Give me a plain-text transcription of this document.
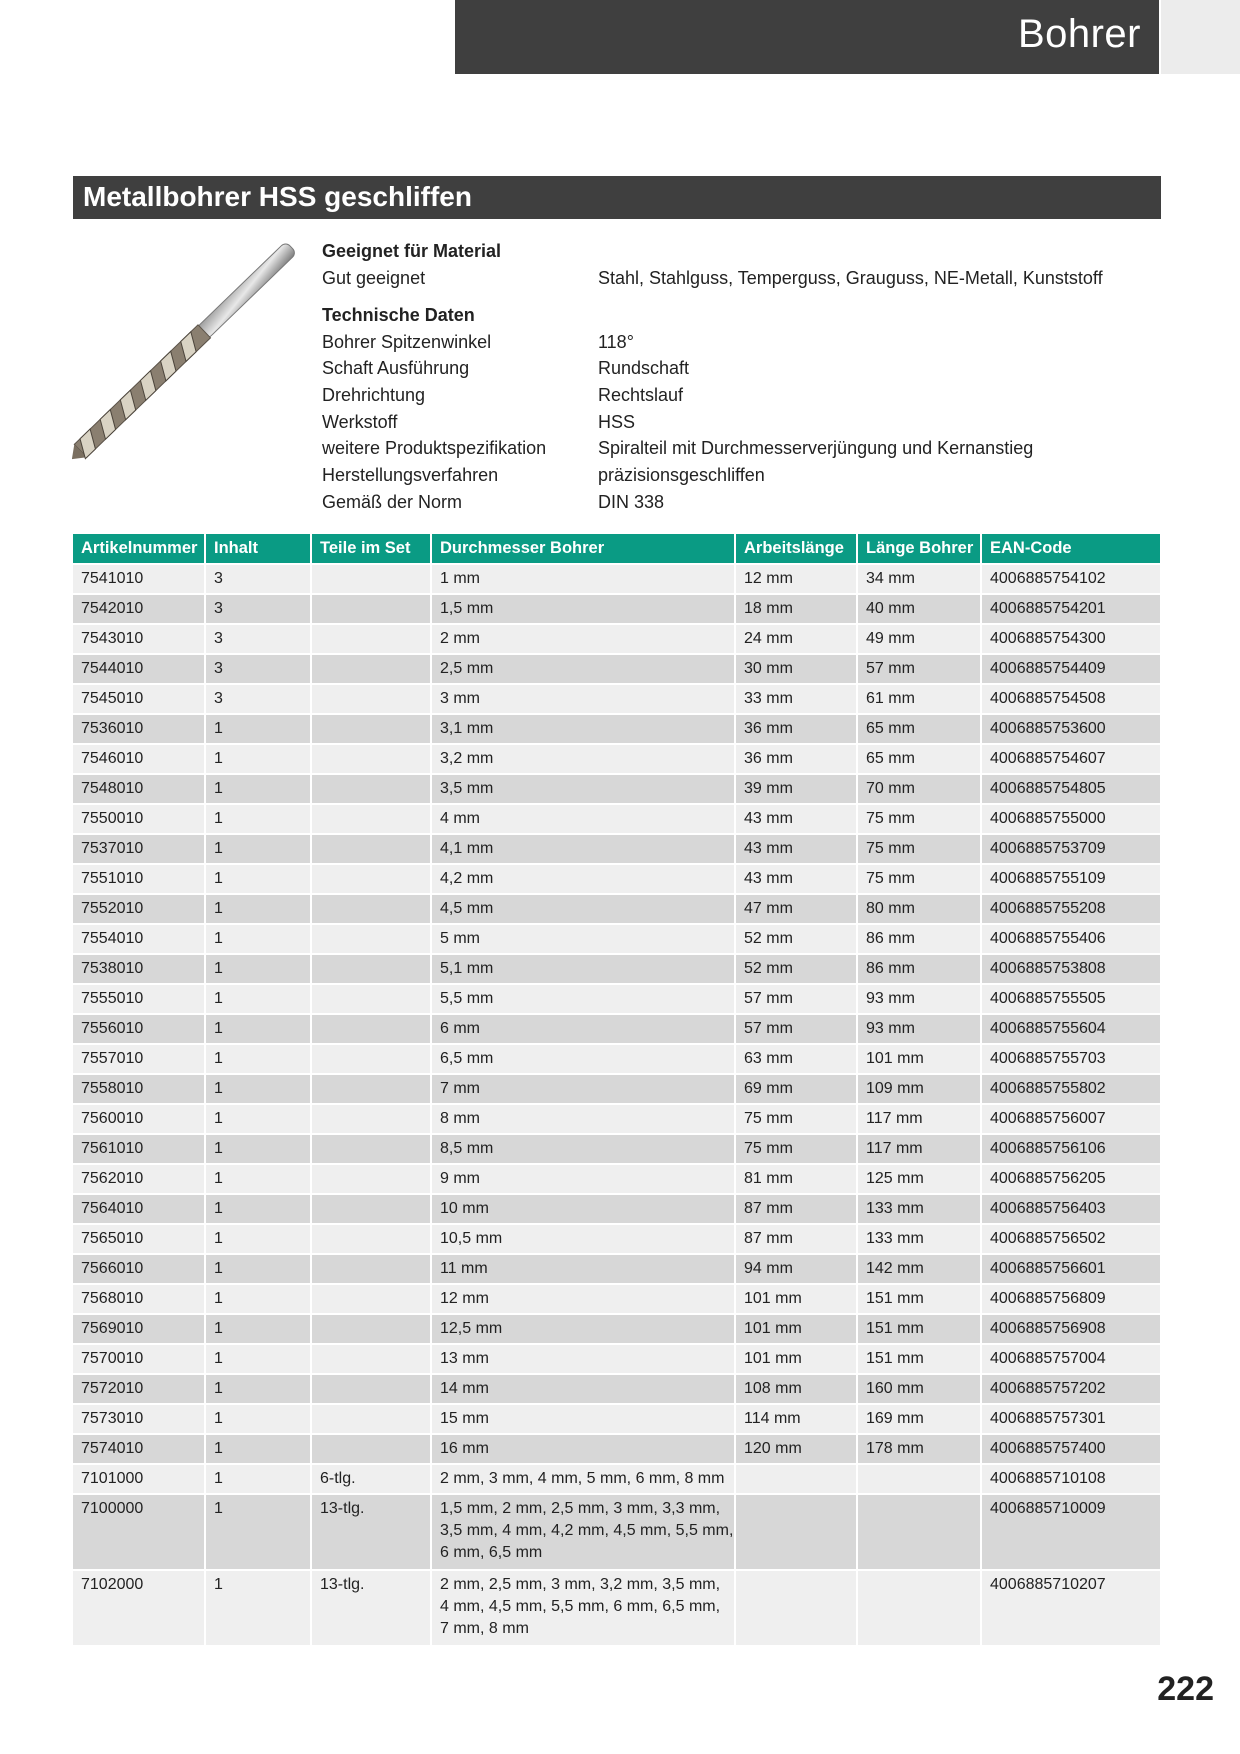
Bohrer
Metallbohrer HSS geschliffen
Geeignet für Material
Gut geeignet	Stahl, Stahlguss, Temperguss, Grauguss, NE-Metall, Kunststoff
Technische Daten
Bohrer Spitzenwinkel	118°
Schaft Ausführung	Rundschaft
Drehrichtung	Rechtslauf
Werkstoff	HSS
weitere Produktspezifikation	Spiralteil mit Durchmesserverjüngung und Kernanstieg
Herstellungsverfahren	präzisionsgeschliffen
Gemäß der Norm	DIN 338
Artikelnummer	Inhalt	Teile im Set	Durchmesser Bohrer	Arbeitslänge	Länge Bohrer	EAN-Code
7541010	3		1 mm	12 mm	34 mm	4006885754102
7542010	3		1,5 mm	18 mm	40 mm	4006885754201
7543010	3		2 mm	24 mm	49 mm	4006885754300
7544010	3		2,5 mm	30 mm	57 mm	4006885754409
7545010	3		3 mm	33 mm	61 mm	4006885754508
7536010	1		3,1 mm	36 mm	65 mm	4006885753600
7546010	1		3,2 mm	36 mm	65 mm	4006885754607
7548010	1		3,5 mm	39 mm	70 mm	4006885754805
7550010	1		4 mm	43 mm	75 mm	4006885755000
7537010	1		4,1 mm	43 mm	75 mm	4006885753709
7551010	1		4,2 mm	43 mm	75 mm	4006885755109
7552010	1		4,5 mm	47 mm	80 mm	4006885755208
7554010	1		5 mm	52 mm	86 mm	4006885755406
7538010	1		5,1 mm	52 mm	86 mm	4006885753808
7555010	1		5,5 mm	57 mm	93 mm	4006885755505
7556010	1		6 mm	57 mm	93 mm	4006885755604
7557010	1		6,5 mm	63 mm	101 mm	4006885755703
7558010	1		7 mm	69 mm	109 mm	4006885755802
7560010	1		8 mm	75 mm	117 mm	4006885756007
7561010	1		8,5 mm	75 mm	117 mm	4006885756106
7562010	1		9 mm	81 mm	125 mm	4006885756205
7564010	1		10 mm	87 mm	133 mm	4006885756403
7565010	1		10,5 mm	87 mm	133 mm	4006885756502
7566010	1		11 mm	94 mm	142 mm	4006885756601
7568010	1		12 mm	101 mm	151 mm	4006885756809
7569010	1		12,5 mm	101 mm	151 mm	4006885756908
7570010	1		13 mm	101 mm	151 mm	4006885757004
7572010	1		14 mm	108 mm	160 mm	4006885757202
7573010	1		15 mm	114 mm	169 mm	4006885757301
7574010	1		16 mm	120 mm	178 mm	4006885757400
7101000	1	6-tlg.	2 mm, 3 mm, 4 mm, 5 mm, 6 mm, 8 mm			4006885710108
7100000	1	13-tlg.	1,5 mm, 2 mm, 2,5 mm, 3 mm, 3,3 mm,
3,5 mm, 4 mm, 4,2 mm, 4,5 mm, 5,5 mm,
6 mm, 6,5 mm			4006885710009
7102000	1	13-tlg.	2 mm, 2,5 mm, 3 mm, 3,2 mm, 3,5 mm,
4 mm, 4,5 mm, 5,5 mm, 6 mm, 6,5 mm,
7 mm, 8 mm			4006885710207
222
